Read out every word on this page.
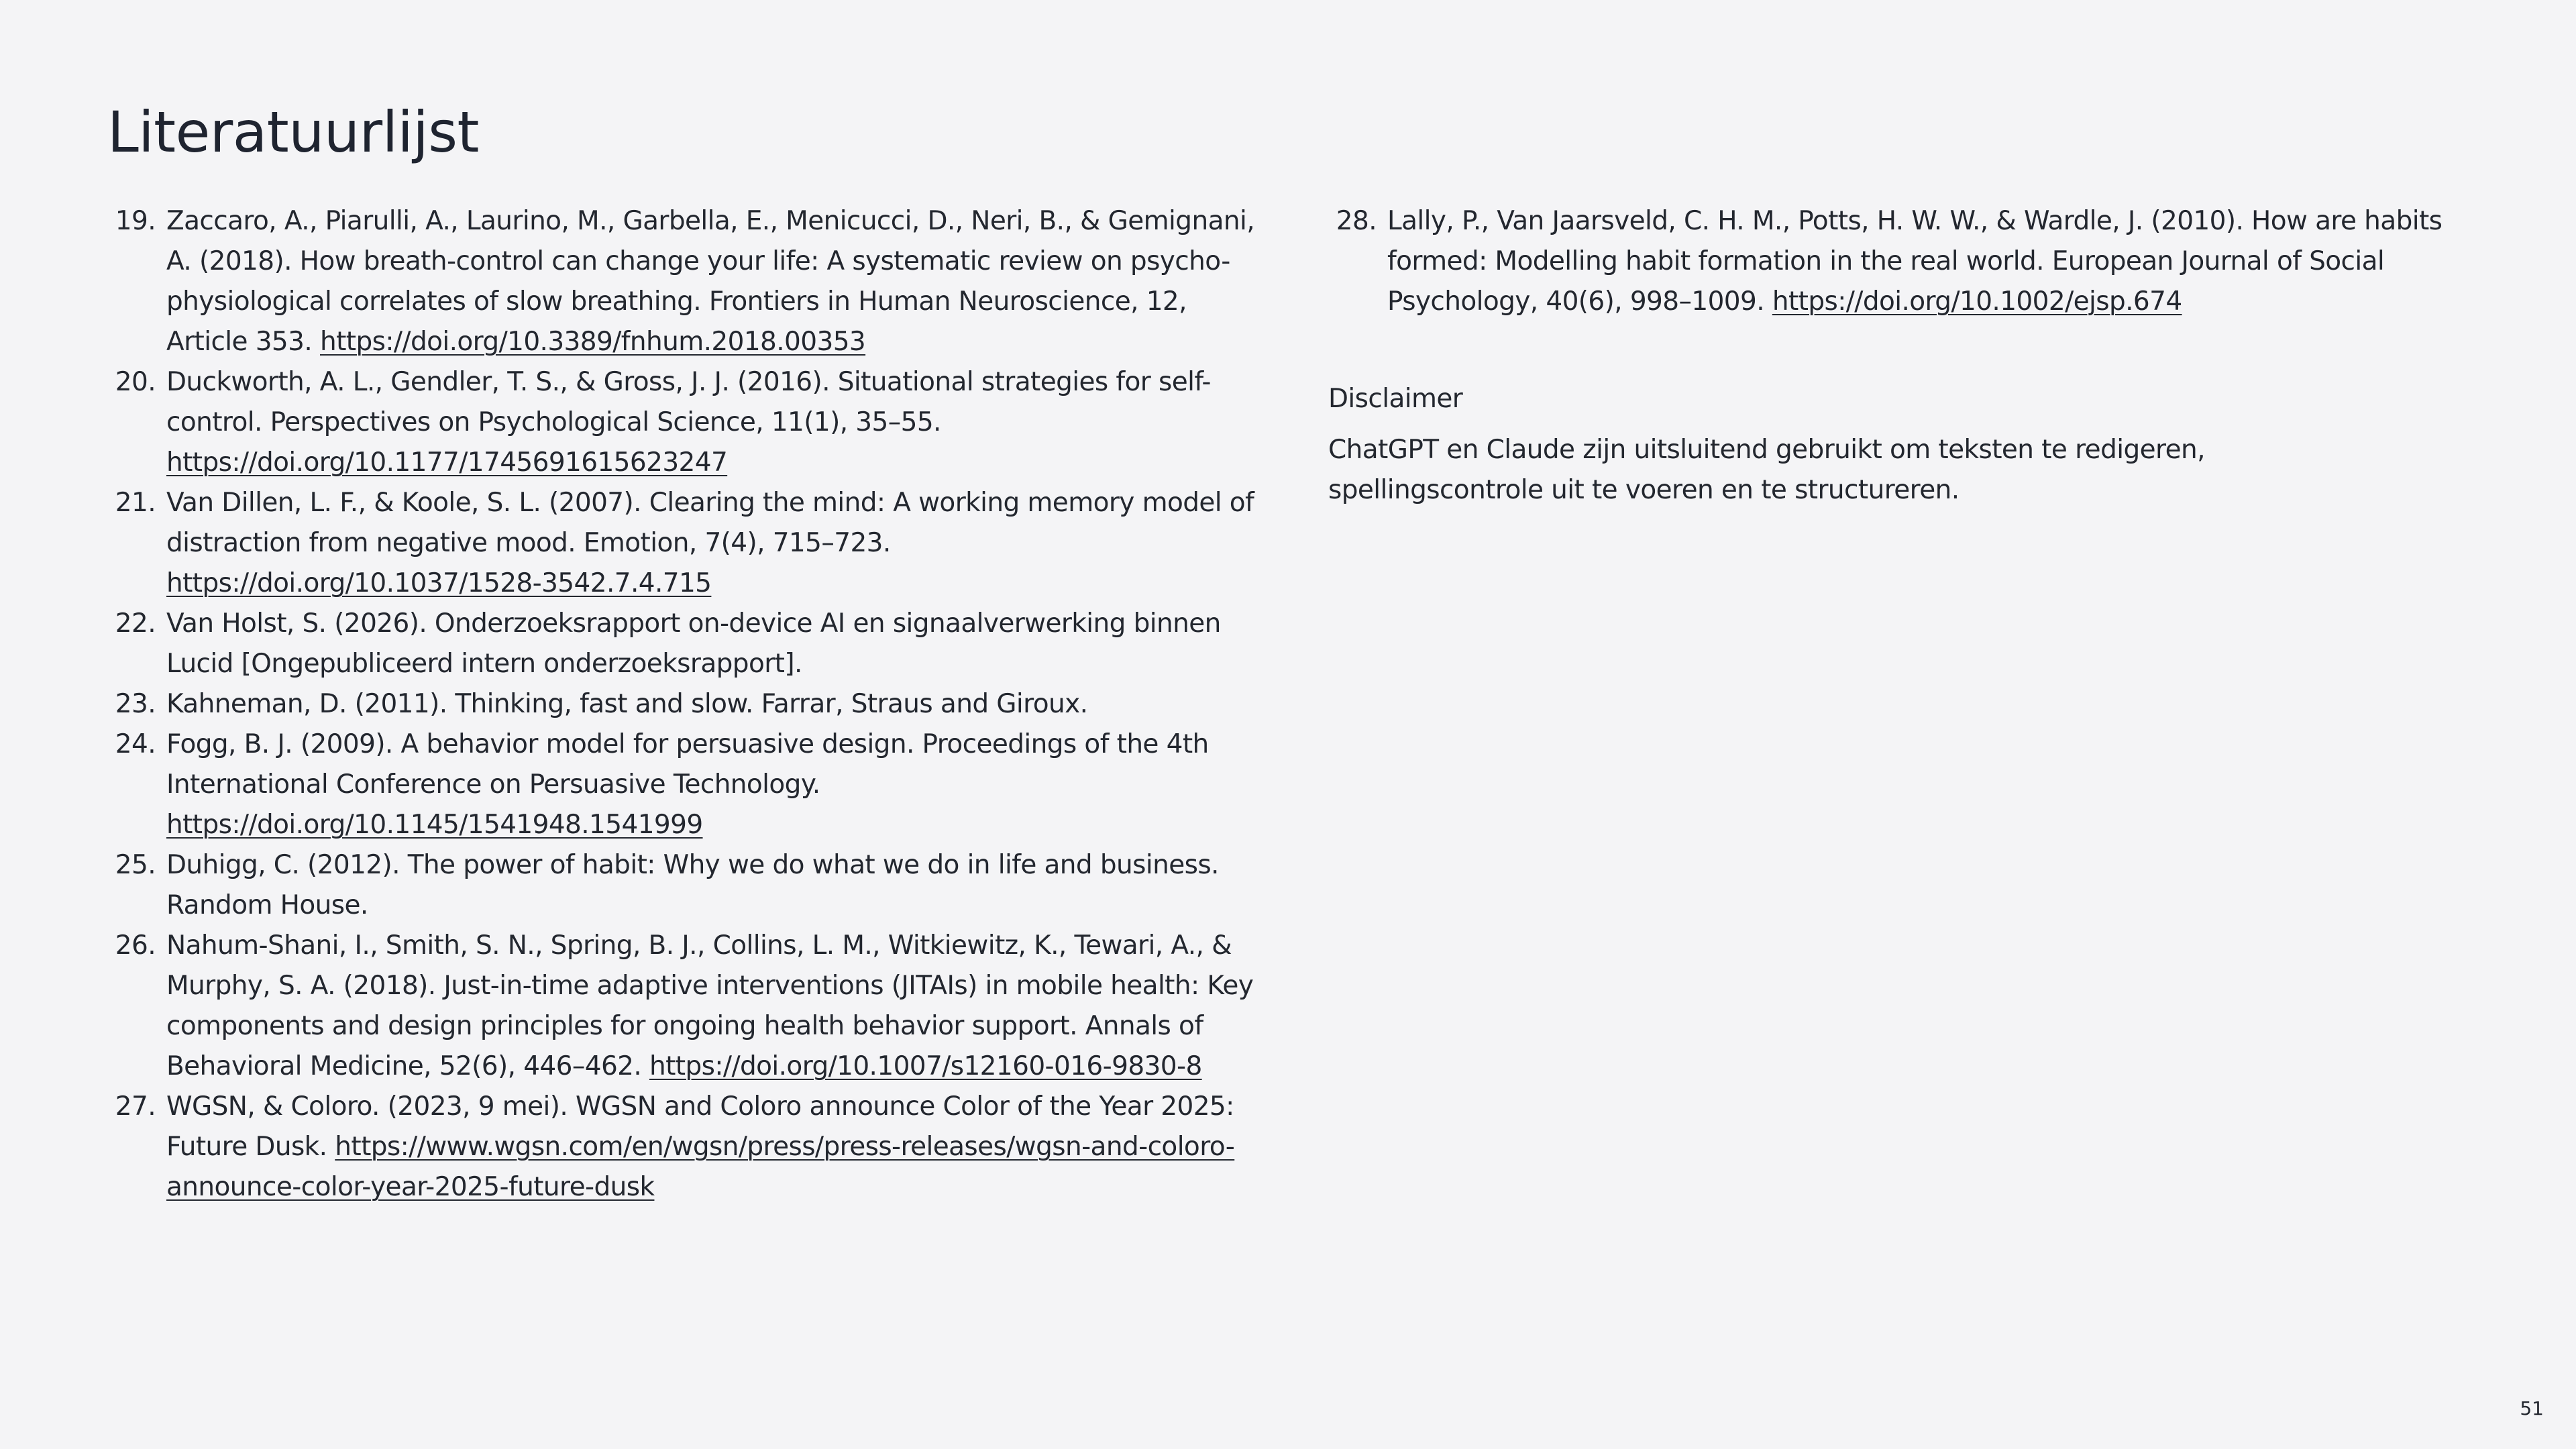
Literatuurlijst
19. Zaccaro, A., Piarulli, A., Laurino, M., Garbella, E., Menicucci, D., Neri, B., & Gemignani, A. (2018). How breath-control can change your life: A systematic review on psycho-physiological correlates of slow breathing. Frontiers in Human Neuroscience, 12, Article 353. https://doi.org/10.3389/fnhum.2018.00353
20. Duckworth, A. L., Gendler, T. S., & Gross, J. J. (2016). Situational strategies for self-control. Perspectives on Psychological Science, 11(1), 35–55. https://doi.org/10.1177/1745691615623247
21. Van Dillen, L. F., & Koole, S. L. (2007). Clearing the mind: A working memory model of distraction from negative mood. Emotion, 7(4), 715–723. https://doi.org/10.1037/1528-3542.7.4.715
22. Van Holst, S. (2026). Onderzoeksrapport on-device AI en signaalverwerking binnen Lucid [Ongepubliceerd intern onderzoeksrapport].
23. Kahneman, D. (2011). Thinking, fast and slow. Farrar, Straus and Giroux.
24. Fogg, B. J. (2009). A behavior model for persuasive design. Proceedings of the 4th International Conference on Persuasive Technology. https://doi.org/10.1145/1541948.1541999
25. Duhigg, C. (2012). The power of habit: Why we do what we do in life and business. Random House.
26. Nahum-Shani, I., Smith, S. N., Spring, B. J., Collins, L. M., Witkiewitz, K., Tewari, A., & Murphy, S. A. (2018). Just-in-time adaptive interventions (JITAIs) in mobile health: Key components and design principles for ongoing health behavior support. Annals of Behavioral Medicine, 52(6), 446–462. https://doi.org/10.1007/s12160-016-9830-8
27. WGSN, & Coloro. (2023, 9 mei). WGSN and Coloro announce Color of the Year 2025: Future Dusk. https://www.wgsn.com/en/wgsn/press/press-releases/wgsn-and-coloro-announce-color-year-2025-future-dusk
28. Lally, P., Van Jaarsveld, C. H. M., Potts, H. W. W., & Wardle, J. (2010). How are habits formed: Modelling habit formation in the real world. European Journal of Social Psychology, 40(6), 998–1009. https://doi.org/10.1002/ejsp.674
Disclaimer

ChatGPT en Claude zijn uitsluitend gebruikt om teksten te redigeren, spellingscontrole uit te voeren en te structureren.

51
